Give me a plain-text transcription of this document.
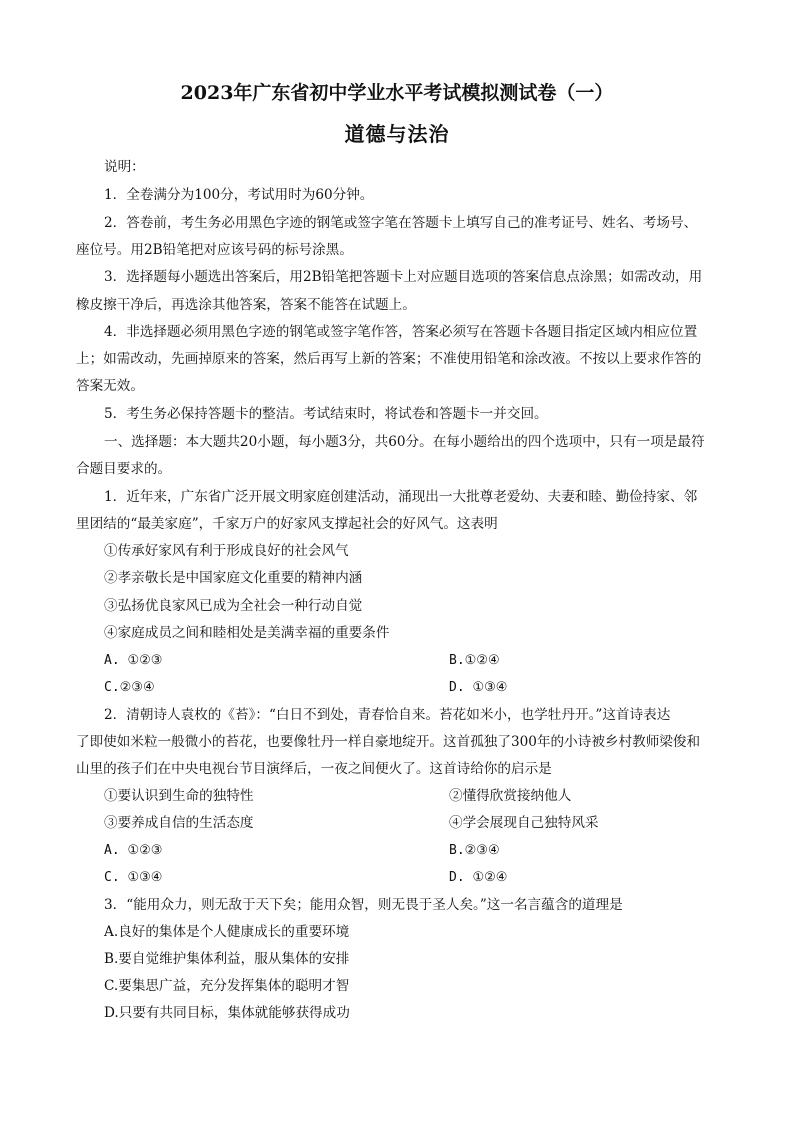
2023年广东省初中学业水平考试模拟测试卷（一）
道德与法治
说明：
1．全卷满分为100分，考试用时为60分钟。
2．答卷前，考生务必用黑色字迹的钢笔或签字笔在答题卡上填写自己的准考证号、姓名、考场号、
座位号。用2B铅笔把对应该号码的标号涂黑。
3．选择题每小题选出答案后，用2B铅笔把答题卡上对应题目选项的答案信息点涂黑；如需改动，用
橡皮擦干净后，再选涂其他答案，答案不能答在试题上。
4．非选择题必须用黑色字迹的钢笔或签字笔作答，答案必须写在答题卡各题目指定区域内相应位置
上；如需改动，先画掉原来的答案，然后再写上新的答案；不准使用铅笔和涂改液。不按以上要求作答的
答案无效。
5．考生务必保持答题卡的整洁。考试结束时，将试卷和答题卡一并交回。
一、选择题：本大题共20小题，每小题3分，共60分。在每小题给出的四个选项中，只有一项是最符
合题目要求的。
1．近年来，广东省广泛开展文明家庭创建活动，涌现出一大批尊老爱幼、夫妻和睦、勤俭持家、邻
里团结的“最美家庭”，千家万户的好家风支撑起社会的好风气。这表明
①传承好家风有利于形成良好的社会风气
②孝亲敬长是中国家庭文化重要的精神内涵
③弘扬优良家风已成为全社会一种行动自觉
④家庭成员之间和睦相处是美满幸福的重要条件
A. ①②③	B.①②④
C.②③④	D. ①③④
2．清朝诗人袁枚的《苔》：“白日不到处，青春恰自来。苔花如米小，也学牡丹开。”这首诗表达
了即使如米粒一般微小的苔花，也要像牡丹一样自豪地绽开。这首孤独了300年的小诗被乡村教师梁俊和
山里的孩子们在中央电视台节目演绎后，一夜之间便火了。这首诗给你的启示是
①要认识到生命的独特性	②懂得欣赏接纳他人
③要养成自信的生活态度	④学会展现自己独特风采
A. ①②③	B.②③④
C. ①③④	D. ①②④
3．“能用众力，则无敌于天下矣；能用众智，则无畏于圣人矣。”这一名言蕴含的道理是
A.良好的集体是个人健康成长的重要环境
B.要自觉维护集体利益，服从集体的安排
C.要集思广益，充分发挥集体的聪明才智
D.只要有共同目标，集体就能够获得成功
